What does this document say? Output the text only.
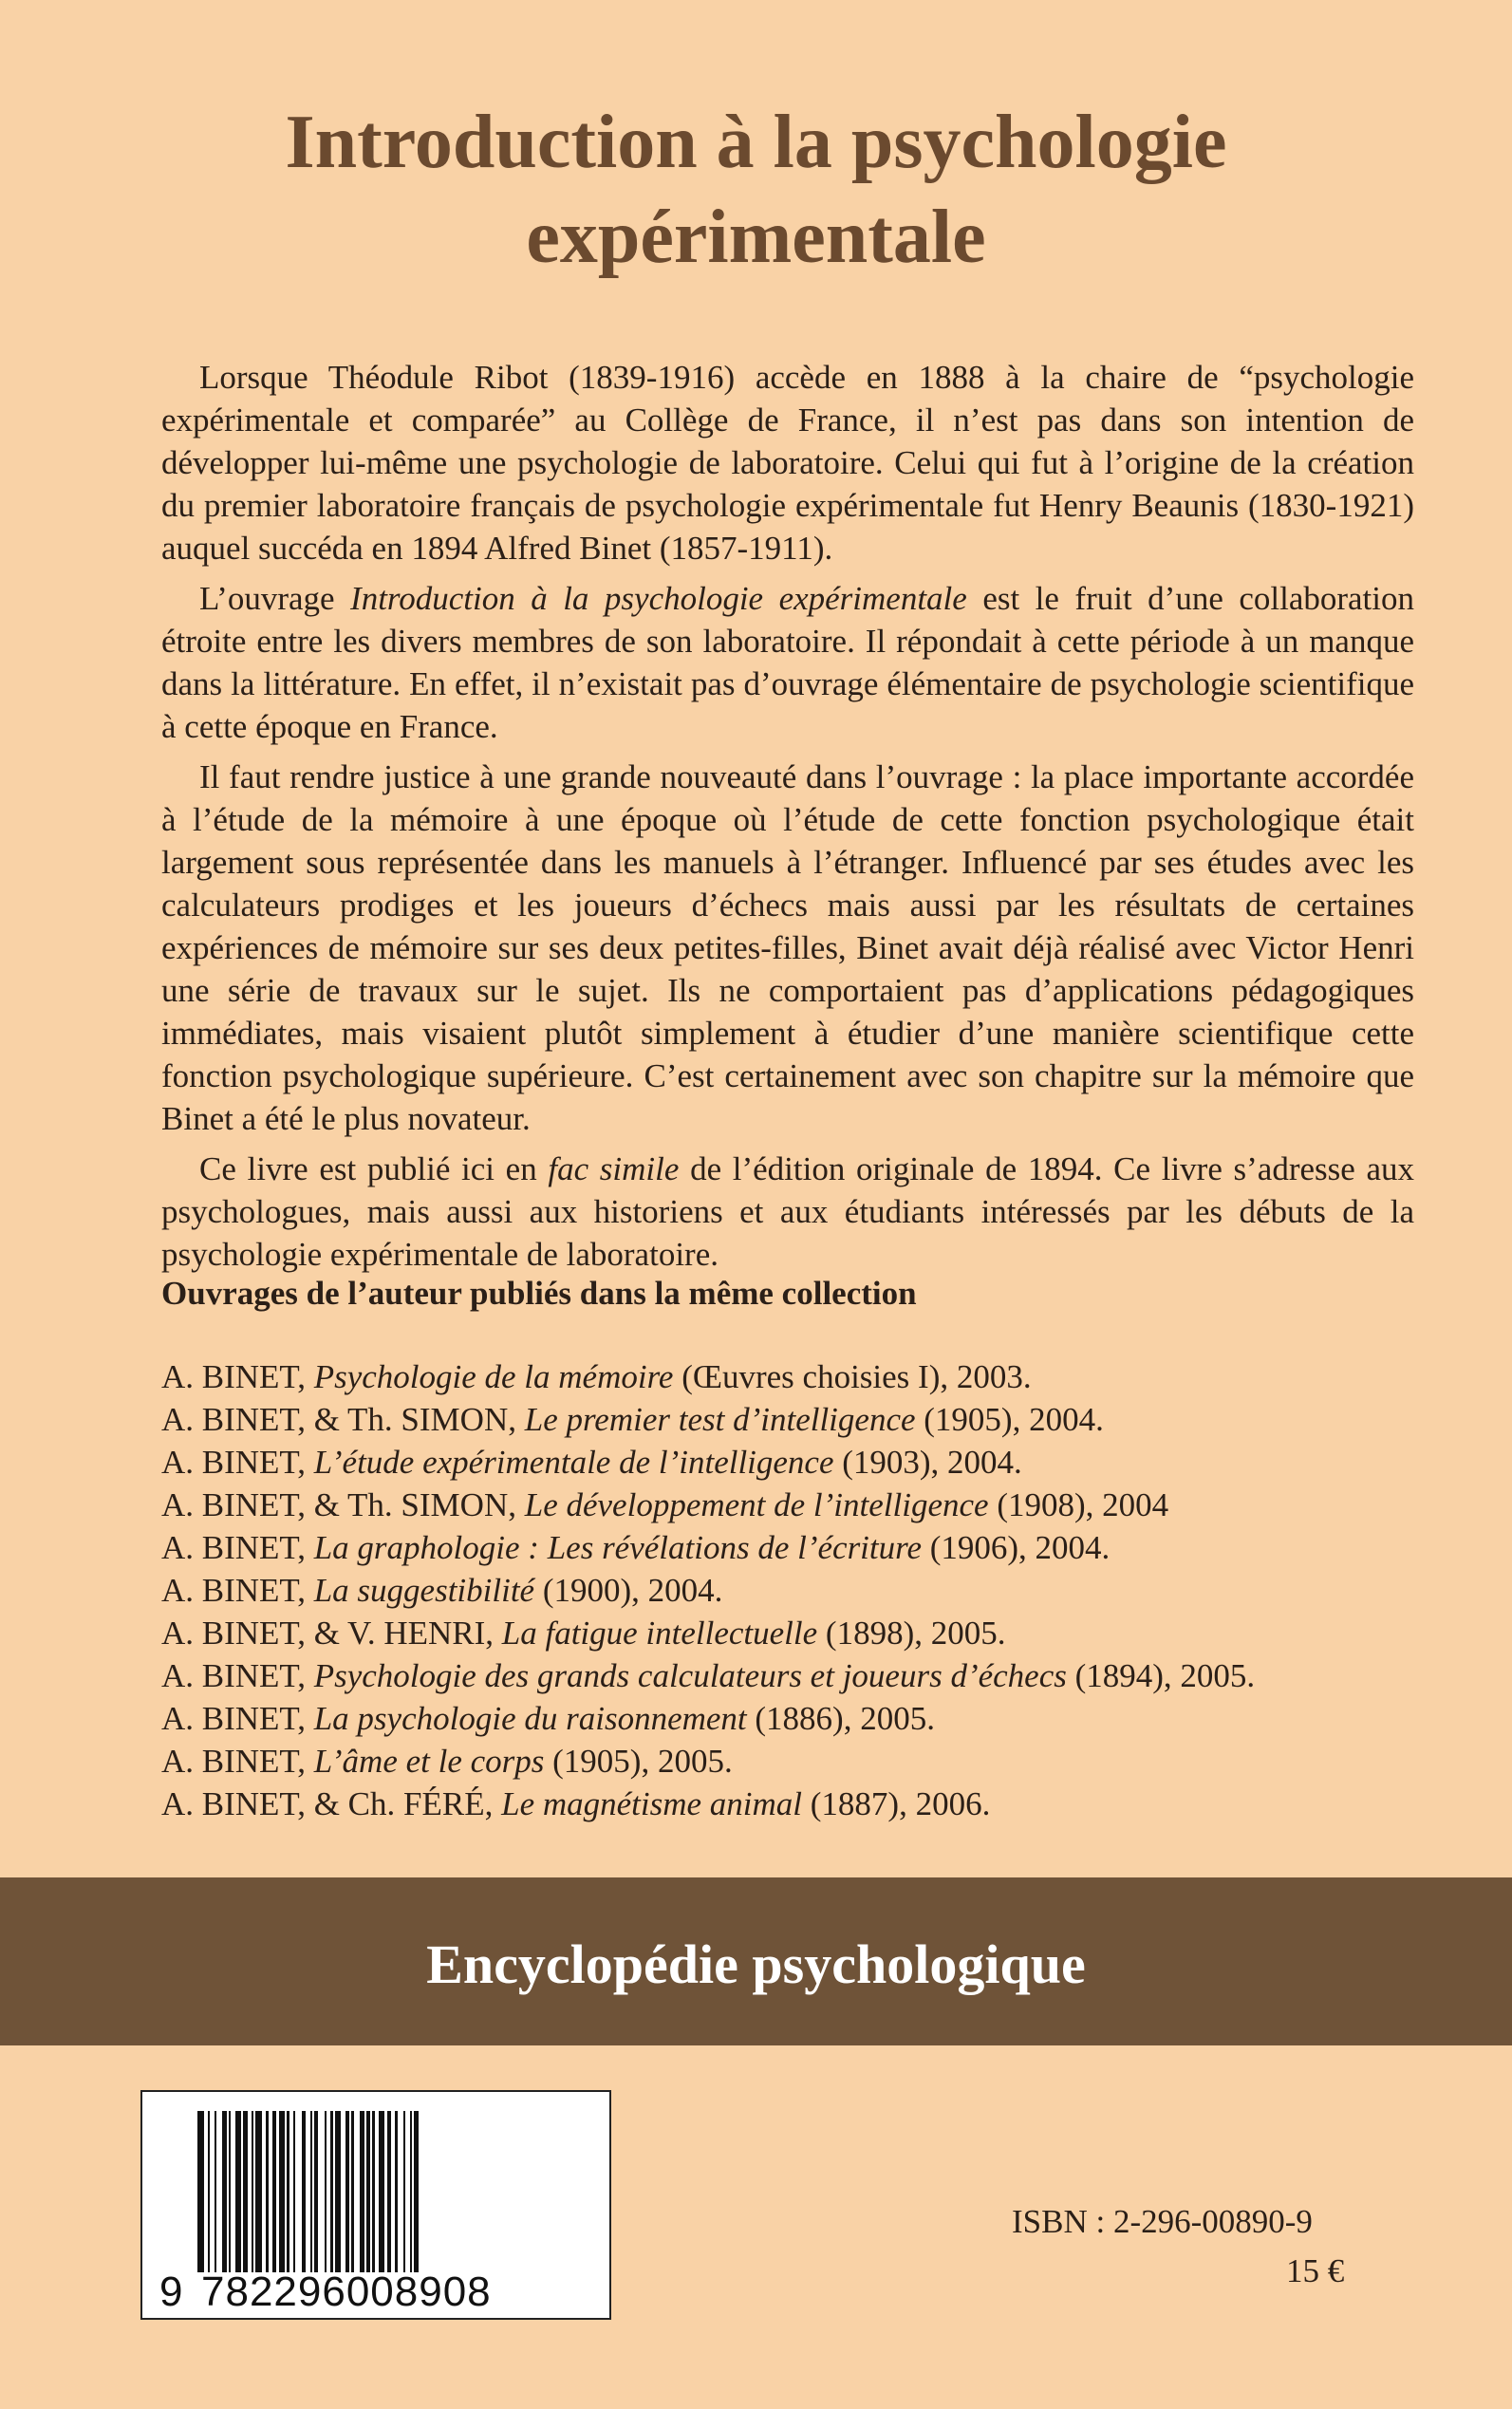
Introduction à la psychologie
expérimentale

Lorsque Théodule Ribot (1839-1916) accède en 1888 à la chaire de “psychologie expérimentale et comparée” au Collège de France, il n’est pas dans son intention de développer lui-même une psychologie de laboratoire. Celui qui fut à l’origine de la création du premier laboratoire français de psychologie expérimentale fut Henry Beaunis (1830-1921) auquel succéda en 1894 Alfred Binet (1857-1911).

L’ouvrage Introduction à la psychologie expérimentale est le fruit d’une collaboration étroite entre les divers membres de son laboratoire. Il répondait à cette période à un manque dans la littérature. En effet, il n’existait pas d’ouvrage élémentaire de psychologie scientifique à cette époque en France.

Il faut rendre justice à une grande nouveauté dans l’ouvrage : la place importante accordée à l’étude de la mémoire à une époque où l’étude de cette fonction psychologique était largement sous représentée dans les manuels à l’étranger. Influencé par ses études avec les calculateurs prodiges et les joueurs d’échecs mais aussi par les résultats de certaines expériences de mémoire sur ses deux petites-filles, Binet avait déjà réalisé avec Victor Henri une série de travaux sur le sujet. Ils ne comportaient pas d’applications pédagogiques immédiates, mais visaient plutôt simplement à étudier d’une manière scientifique cette fonction psychologique supérieure. C’est certainement avec son chapitre sur la mémoire que Binet a été le plus novateur.

Ce livre est publié ici en fac simile de l’édition originale de 1894. Ce livre s’adresse aux psychologues, mais aussi aux historiens et aux étudiants intéressés par les débuts de la psychologie expérimentale de laboratoire.

Ouvrages de l’auteur publiés dans la même collection
A. BINET, Psychologie de la mémoire (Œuvres choisies I), 2003.
A. BINET, & Th. SIMON, Le premier test d’intelligence (1905), 2004.
A. BINET, L’étude expérimentale de l’intelligence (1903), 2004.
A. BINET, & Th. SIMON, Le développement de l’intelligence (1908), 2004
A. BINET, La graphologie : Les révélations de l’écriture (1906), 2004.
A. BINET, La suggestibilité (1900), 2004.
A. BINET, & V. HENRI, La fatigue intellectuelle (1898), 2005.
A. BINET, Psychologie des grands calculateurs et joueurs d’échecs (1894), 2005.
A. BINET, La psychologie du raisonnement (1886), 2005.
A. BINET, L’âme et le corps (1905), 2005.
A. BINET, & Ch. FÉRÉ, Le magnétisme animal (1887), 2006.
Encyclopédie psychologique
9 782296008908
ISBN : 2-296-00890-9
15 €
